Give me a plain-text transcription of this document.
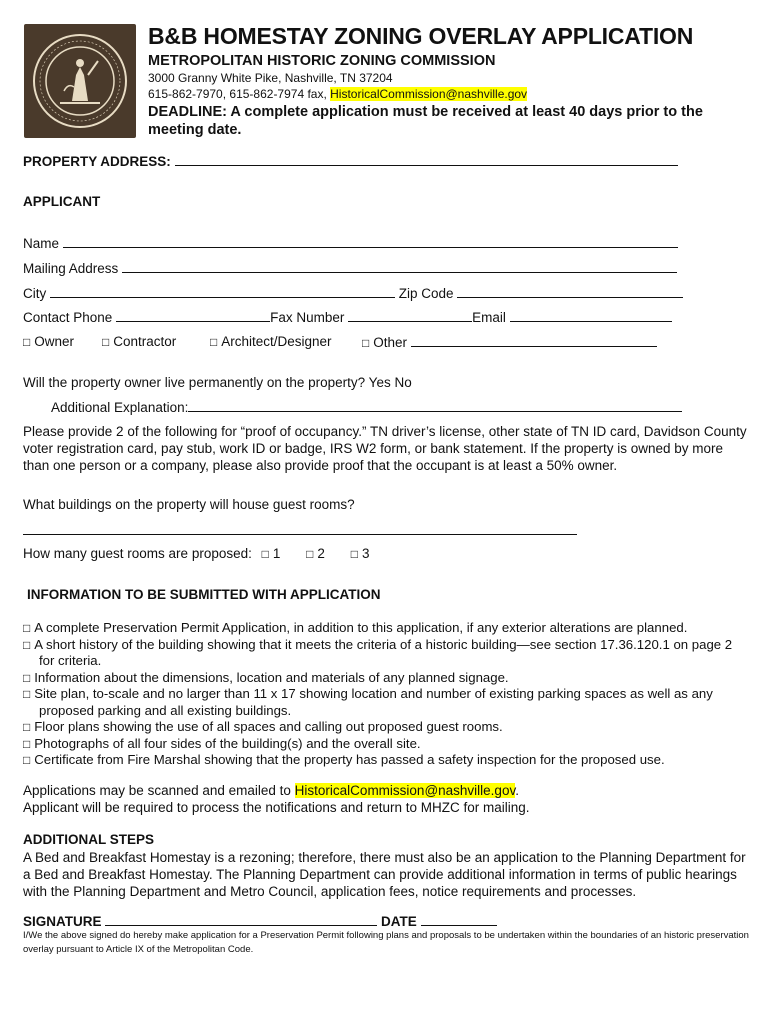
B&B HOMESTAY ZONING OVERLAY APPLICATION
METROPOLITAN HISTORIC ZONING COMMISSION
3000 Granny White Pike, Nashville, TN 37204
615-862-7970, 615-862-7974 fax, HistoricalCommission@nashville.gov
DEADLINE: A complete application must be received at least 40 days prior to the meeting date.
PROPERTY ADDRESS:
APPLICANT
Name
Mailing Address
City	Zip Code
Contact Phone	Fax Number	Email
□ Owner □ Contractor	□ Architect/Designer	□ Other
Will the property owner live permanently on the property? Yes No
Additional Explanation:
Please provide 2 of the following for “proof of occupancy.” TN driver’s license, other state of TN ID card, Davidson County voter registration card, pay stub, work ID or badge, IRS W2 form, or bank statement. If the property is owned by more than one person or a company, please also provide proof that the occupant is at least a 50% owner.
What buildings on the property will house guest rooms?
How many guest rooms are proposed: □ 1 □ 2 □ 3
INFORMATION TO BE SUBMITTED WITH APPLICATION
□ A complete Preservation Permit Application, in addition to this application, if any exterior alterations are planned.
□ A short history of the building showing that it meets the criteria of a historic building—see section 17.36.120.1 on page 2 for criteria.
□ Information about the dimensions, location and materials of any planned signage.
□ Site plan, to-scale and no larger than 11 x 17 showing location and number of existing parking spaces as well as any proposed parking and all existing buildings.
□ Floor plans showing the use of all spaces and calling out proposed guest rooms.
□ Photographs of all four sides of the building(s) and the overall site.
□ Certificate from Fire Marshal showing that the property has passed a safety inspection for the proposed use.
Applications may be scanned and emailed to HistoricalCommission@nashville.gov.
Applicant will be required to process the notifications and return to MHZC for mailing.
ADDITIONAL STEPS
A Bed and Breakfast Homestay is a rezoning; therefore, there must also be an application to the Planning Department for a Bed and Breakfast Homestay. The Planning Department can provide additional information in terms of public hearings with the Planning Department and Metro Council, application fees, notice requirements and processes.
SIGNATURE	DATE
I/We the above signed do hereby make application for a Preservation Permit following plans and proposals to be undertaken within the boundaries of an historic preservation overlay pursuant to Article IX of the Metropolitan Code.
